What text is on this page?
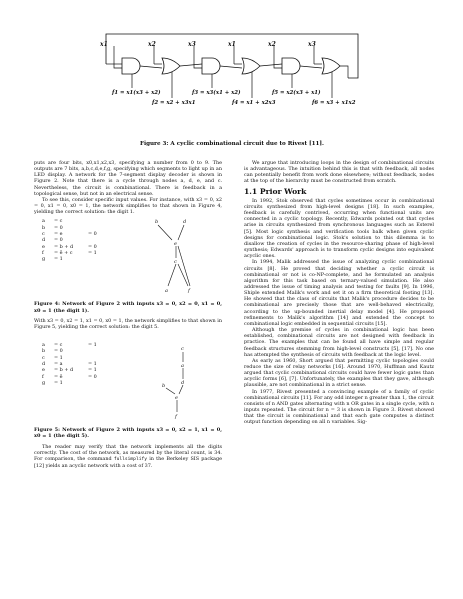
x1	x2	x3	x1	x2	x3
f1 = x1(x3 + x2)
f2 = x2 + x3x1
f3 = x3(x1 + x2)
f4 = x1 + x2x3
f5 = x2(x3 + x1)
f6 = x3 + x1x2
Figure 3: A cyclic combinational circuit due to Rivest [11].

puts are four bits, x0,x1,x2,x3, specifying a number from 0 to 9. The outputs are 7 bits, a,b,c,d,e,f,g, specifying which segments to light up in an LED display. A network for the 7-segment display decoder is shown in Figure 2. Note that there is a cycle through nodes a, d, e, and c. Nevertheless, the circuit is combinational. There is feedback in a topological sense, but not in an electrical sense.

To see this, consider specific input values. For instance, with x3 = 0, x2 = 0, x1 = 0, x0 = 1, the network simplifies to that shown in Figure 4, yielding the correct solution: the digit 1.

a	= c
b	= 0
c	= e	= 0
d	= 0
e	= b + d	= 0
f	= ē + c	= 1
g	= 1
b	d
e
c
a	f

Figure 4: Network of Figure 2 with inputs x3 = 0, x2 = 0, x1 = 0, x0 = 1 (the digit 1).

With x3 = 0, x2 = 1, x1 = 0, x0 = 1, the network simplifies to that shown in Figure 5, yielding the correct solution: the digit 5.

a	= c	= 1
b	= 0
c	= 1
d	= a	= 1
e	= b + d	= 1
f	= ē	= 0
g	= 1
c
a
d
b
e
f

Figure 5: Network of Figure 2 with inputs x3 = 0, x2 = 1, x1 = 0, x0 = 1 (the digit 5).

The reader may verify that the network implements all the digits correctly. The cost of the network, as measured by the literal count, is 34. For comparison, the command fullsimplify in the Berkeley SIS package [12] yields an acyclic network with a cost of 37.

We argue that introducing loops in the design of combinational circuits is advantageous. The intuition behind this is that with feedback, all nodes can potentially benefit from work done elsewhere; without feedback, nodes at the top of the hierarchy must be constructed from scratch.

1.1 Prior Work

In 1992, Stok observed that cycles sometimes occur in combinational circuits synthesized from high-level designs [18]. In such examples, feedback is carefully contrived, occurring when functional units are connected in a cyclic topology. Recently, Edwards pointed out that cycles arise in circuits synthesized from synchronous languages such as Esterel [5]. Most logic synthesis and verification tools balk when given cyclic designs for combinational logic. Stok's solution to this dilemma is to disallow the creation of cycles in the resource-sharing phase of high-level synthesis; Edwards' approach is to transform cyclic designs into equivalent acyclic ones.

In 1994, Malik addressed the issue of analyzing cyclic combinational circuits [8]. He proved that deciding whether a cyclic circuit is combinational or not is co-NP-complete, and he formulated an analysis algorithm for this task based on ternary-valued simulation. He also addressed the issue of timing analysis and testing for faults [9]. In 1996, Shiple extended Malik's work and set it on a firm theoretical footing [13]. He showed that the class of circuits that Malik's procedure decides to be combinational are precisely those that are well-behaved electrically, according to the up-bounded inertial delay model [4]. He proposed refinements to Malik's algorithm [14] and extended the concept to combinational logic embedded in sequential circuits [15].

Although the premise of cycles in combinational logic has been established, combinational circuits are not designed with feedback in practice. The examples that can be found all have simple and regular feedback structures stemming from high-level constructs [5], [17]. No one has attempted the synthesis of circuits with feedback at the logic level.

As early as 1960, Short argued that permitting cyclic topologies could reduce the size of relay networks [16]. Around 1970, Huffman and Kautz argued that cyclic combinational circuits could have fewer logic gates than acyclic forms [6], [7]. Unfortunately, the examples that they gave, although plausible, are not combinational in a strict sense.

In 1977, Rivest presented a convincing example of a family of cyclic combinational circuits [11]. For any odd integer n greater than 1, the circuit consists of n AND gates alternating with n OR gates in a single cycle, with n inputs repeated. The circuit for n = 3 is shown in Figure 3. Rivest showed that the circuit is combinational and that each gate computes a distinct output function depending on all n variables. Sig-
